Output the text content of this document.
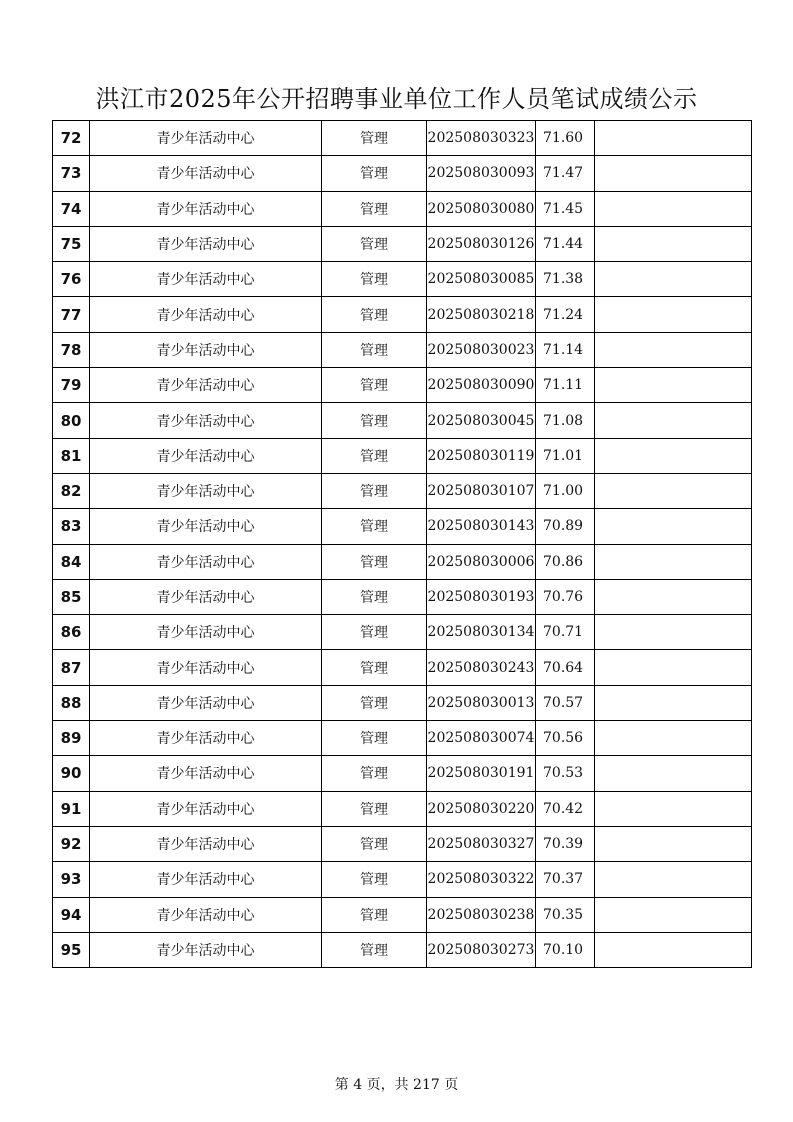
洪江市2025年公开招聘事业单位工作人员笔试成绩公示
72	青少年活动中心	管理	202508030323	71.60	
73	青少年活动中心	管理	202508030093	71.47	
74	青少年活动中心	管理	202508030080	71.45	
75	青少年活动中心	管理	202508030126	71.44	
76	青少年活动中心	管理	202508030085	71.38	
77	青少年活动中心	管理	202508030218	71.24	
78	青少年活动中心	管理	202508030023	71.14	
79	青少年活动中心	管理	202508030090	71.11	
80	青少年活动中心	管理	202508030045	71.08	
81	青少年活动中心	管理	202508030119	71.01	
82	青少年活动中心	管理	202508030107	71.00	
83	青少年活动中心	管理	202508030143	70.89	
84	青少年活动中心	管理	202508030006	70.86	
85	青少年活动中心	管理	202508030193	70.76	
86	青少年活动中心	管理	202508030134	70.71	
87	青少年活动中心	管理	202508030243	70.64	
88	青少年活动中心	管理	202508030013	70.57	
89	青少年活动中心	管理	202508030074	70.56	
90	青少年活动中心	管理	202508030191	70.53	
91	青少年活动中心	管理	202508030220	70.42	
92	青少年活动中心	管理	202508030327	70.39	
93	青少年活动中心	管理	202508030322	70.37	
94	青少年活动中心	管理	202508030238	70.35	
95	青少年活动中心	管理	202508030273	70.10	
第 4 页，共 217 页
